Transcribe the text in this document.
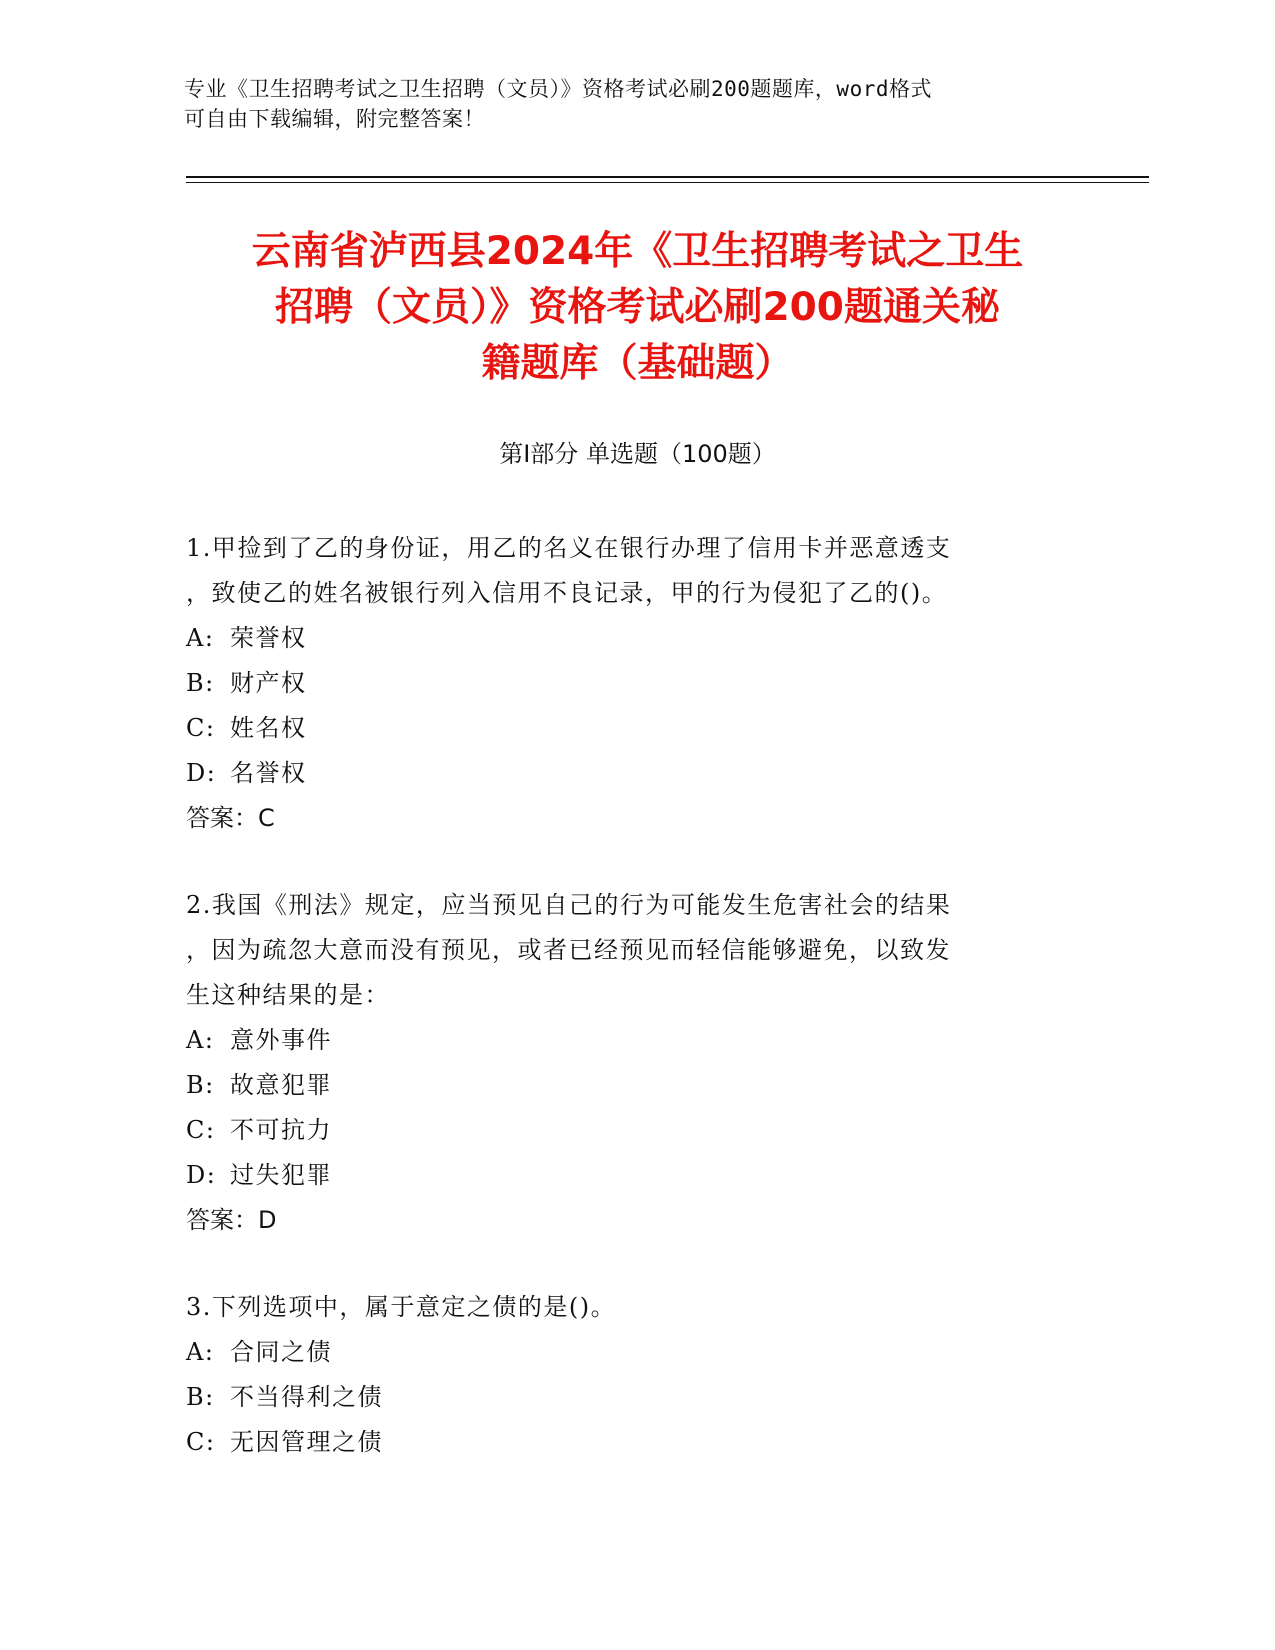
专业《卫生招聘考试之卫生招聘（文员）》资格考试必刷200题题库，word格式
可自由下载编辑，附完整答案！
云南省泸西县2024年《卫生招聘考试之卫生
招聘（文员）》资格考试必刷200题通关秘
籍题库（基础题）
第Ⅰ部分 单选题（100题）
1.甲捡到了乙的身份证，用乙的名义在银行办理了信用卡并恶意透支
，致使乙的姓名被银行列入信用不良记录，甲的行为侵犯了乙的()。
A: 荣誉权
B: 财产权
C: 姓名权
D: 名誉权
答案：C
2.我国《刑法》规定，应当预见自己的行为可能发生危害社会的结果
，因为疏忽大意而没有预见，或者已经预见而轻信能够避免，以致发
生这种结果的是：
A: 意外事件
B: 故意犯罪
C: 不可抗力
D: 过失犯罪
答案：D
3.下列选项中，属于意定之债的是()。
A: 合同之债
B: 不当得利之债
C: 无因管理之债
